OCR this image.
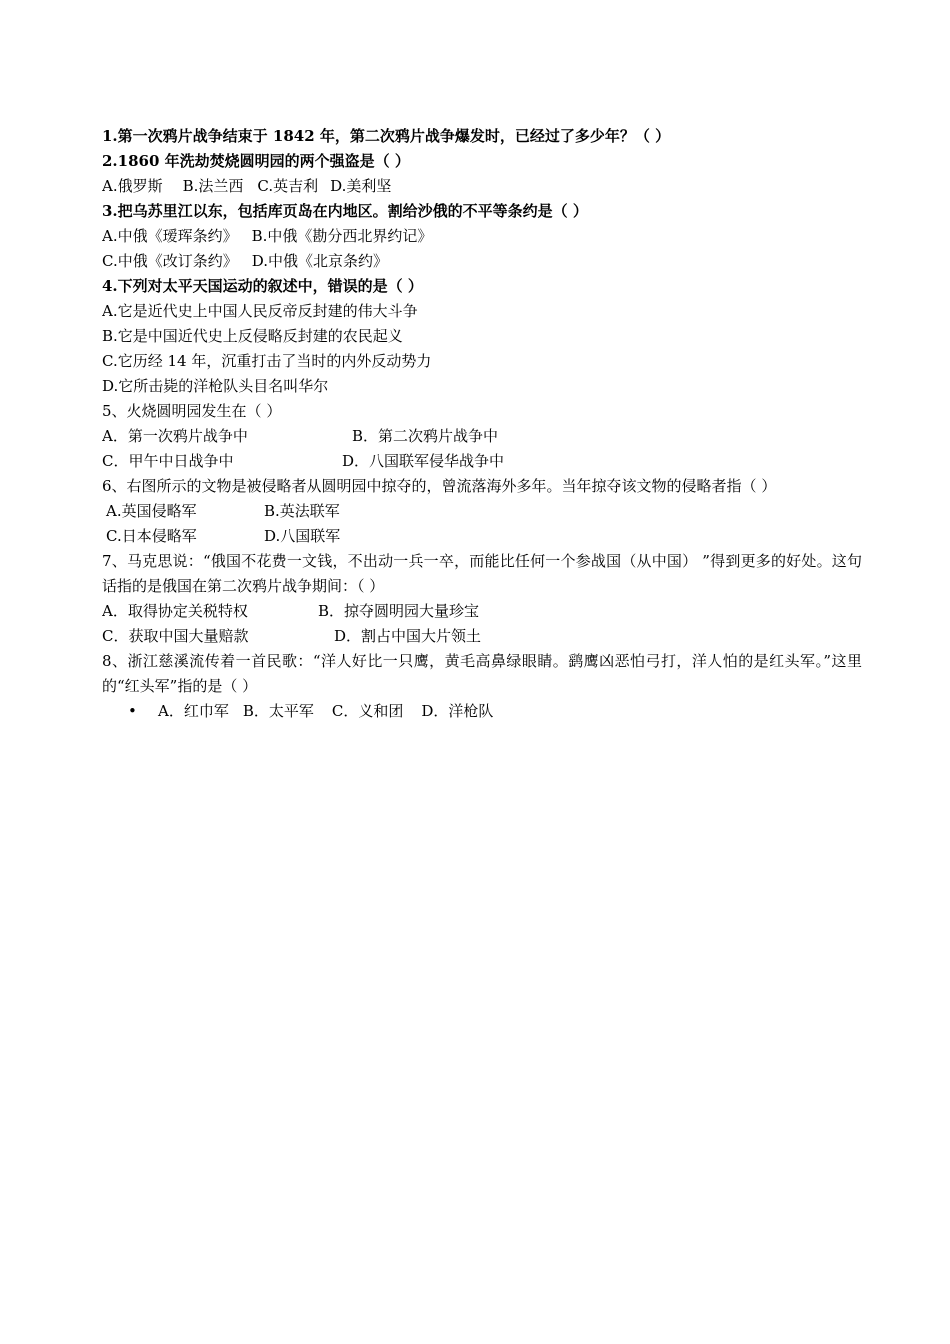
1.第一次鸦片战争结束于 1842 年，第二次鸦片战争爆发时，已经过了多少年？（ ）
2.1860 年洗劫焚烧圆明园的两个强盗是（ ）
A.俄罗斯 B.法兰西 C.英吉利 D.美利坚
3.把乌苏里江以东，包括库页岛在内地区。割给沙俄的不平等条约是（ ）
A.中俄《瑷珲条约》 B.中俄《勘分西北界约记》
C.中俄《改订条约》 D.中俄《北京条约》
4.下列对太平天国运动的叙述中，错误的是（ ）
A.它是近代史上中国人民反帝反封建的伟大斗争
B.它是中国近代史上反侵略反封建的农民起义
C.它历经 14 年，沉重打击了当时的内外反动势力
D.它所击毙的洋枪队头目名叫华尔
5、火烧圆明园发生在（ ）
A．第一次鸦片战争中	B．第二次鸦片战争中
C．甲午中日战争中	D．八国联军侵华战争中
6、右图所示的文物是被侵略者从圆明园中掠夺的，曾流落海外多年。当年掠夺该文物的侵略者指（ ）
A.英国侵略军	B.英法联军
C.日本侵略军	D.八国联军
7、马克思说：“俄国不花费一文钱，不出动一兵一卒，而能比任何一个参战国（从中国） ”得到更多的好处。这句话指的是俄国在第二次鸦片战争期间：（ ）
A．取得协定关税特权	B．掠夺圆明园大量珍宝
C．获取中国大量赔款	D．割占中国大片领土
8、浙江慈溪流传着一首民歌：“洋人好比一只鹰，黄毛高鼻绿眼睛。鹞鹰凶恶怕弓打，洋人怕的是红头军。”这里的“红头军”指的是（ ）
• A．红巾军 B．太平军 C．义和团 D．洋枪队
